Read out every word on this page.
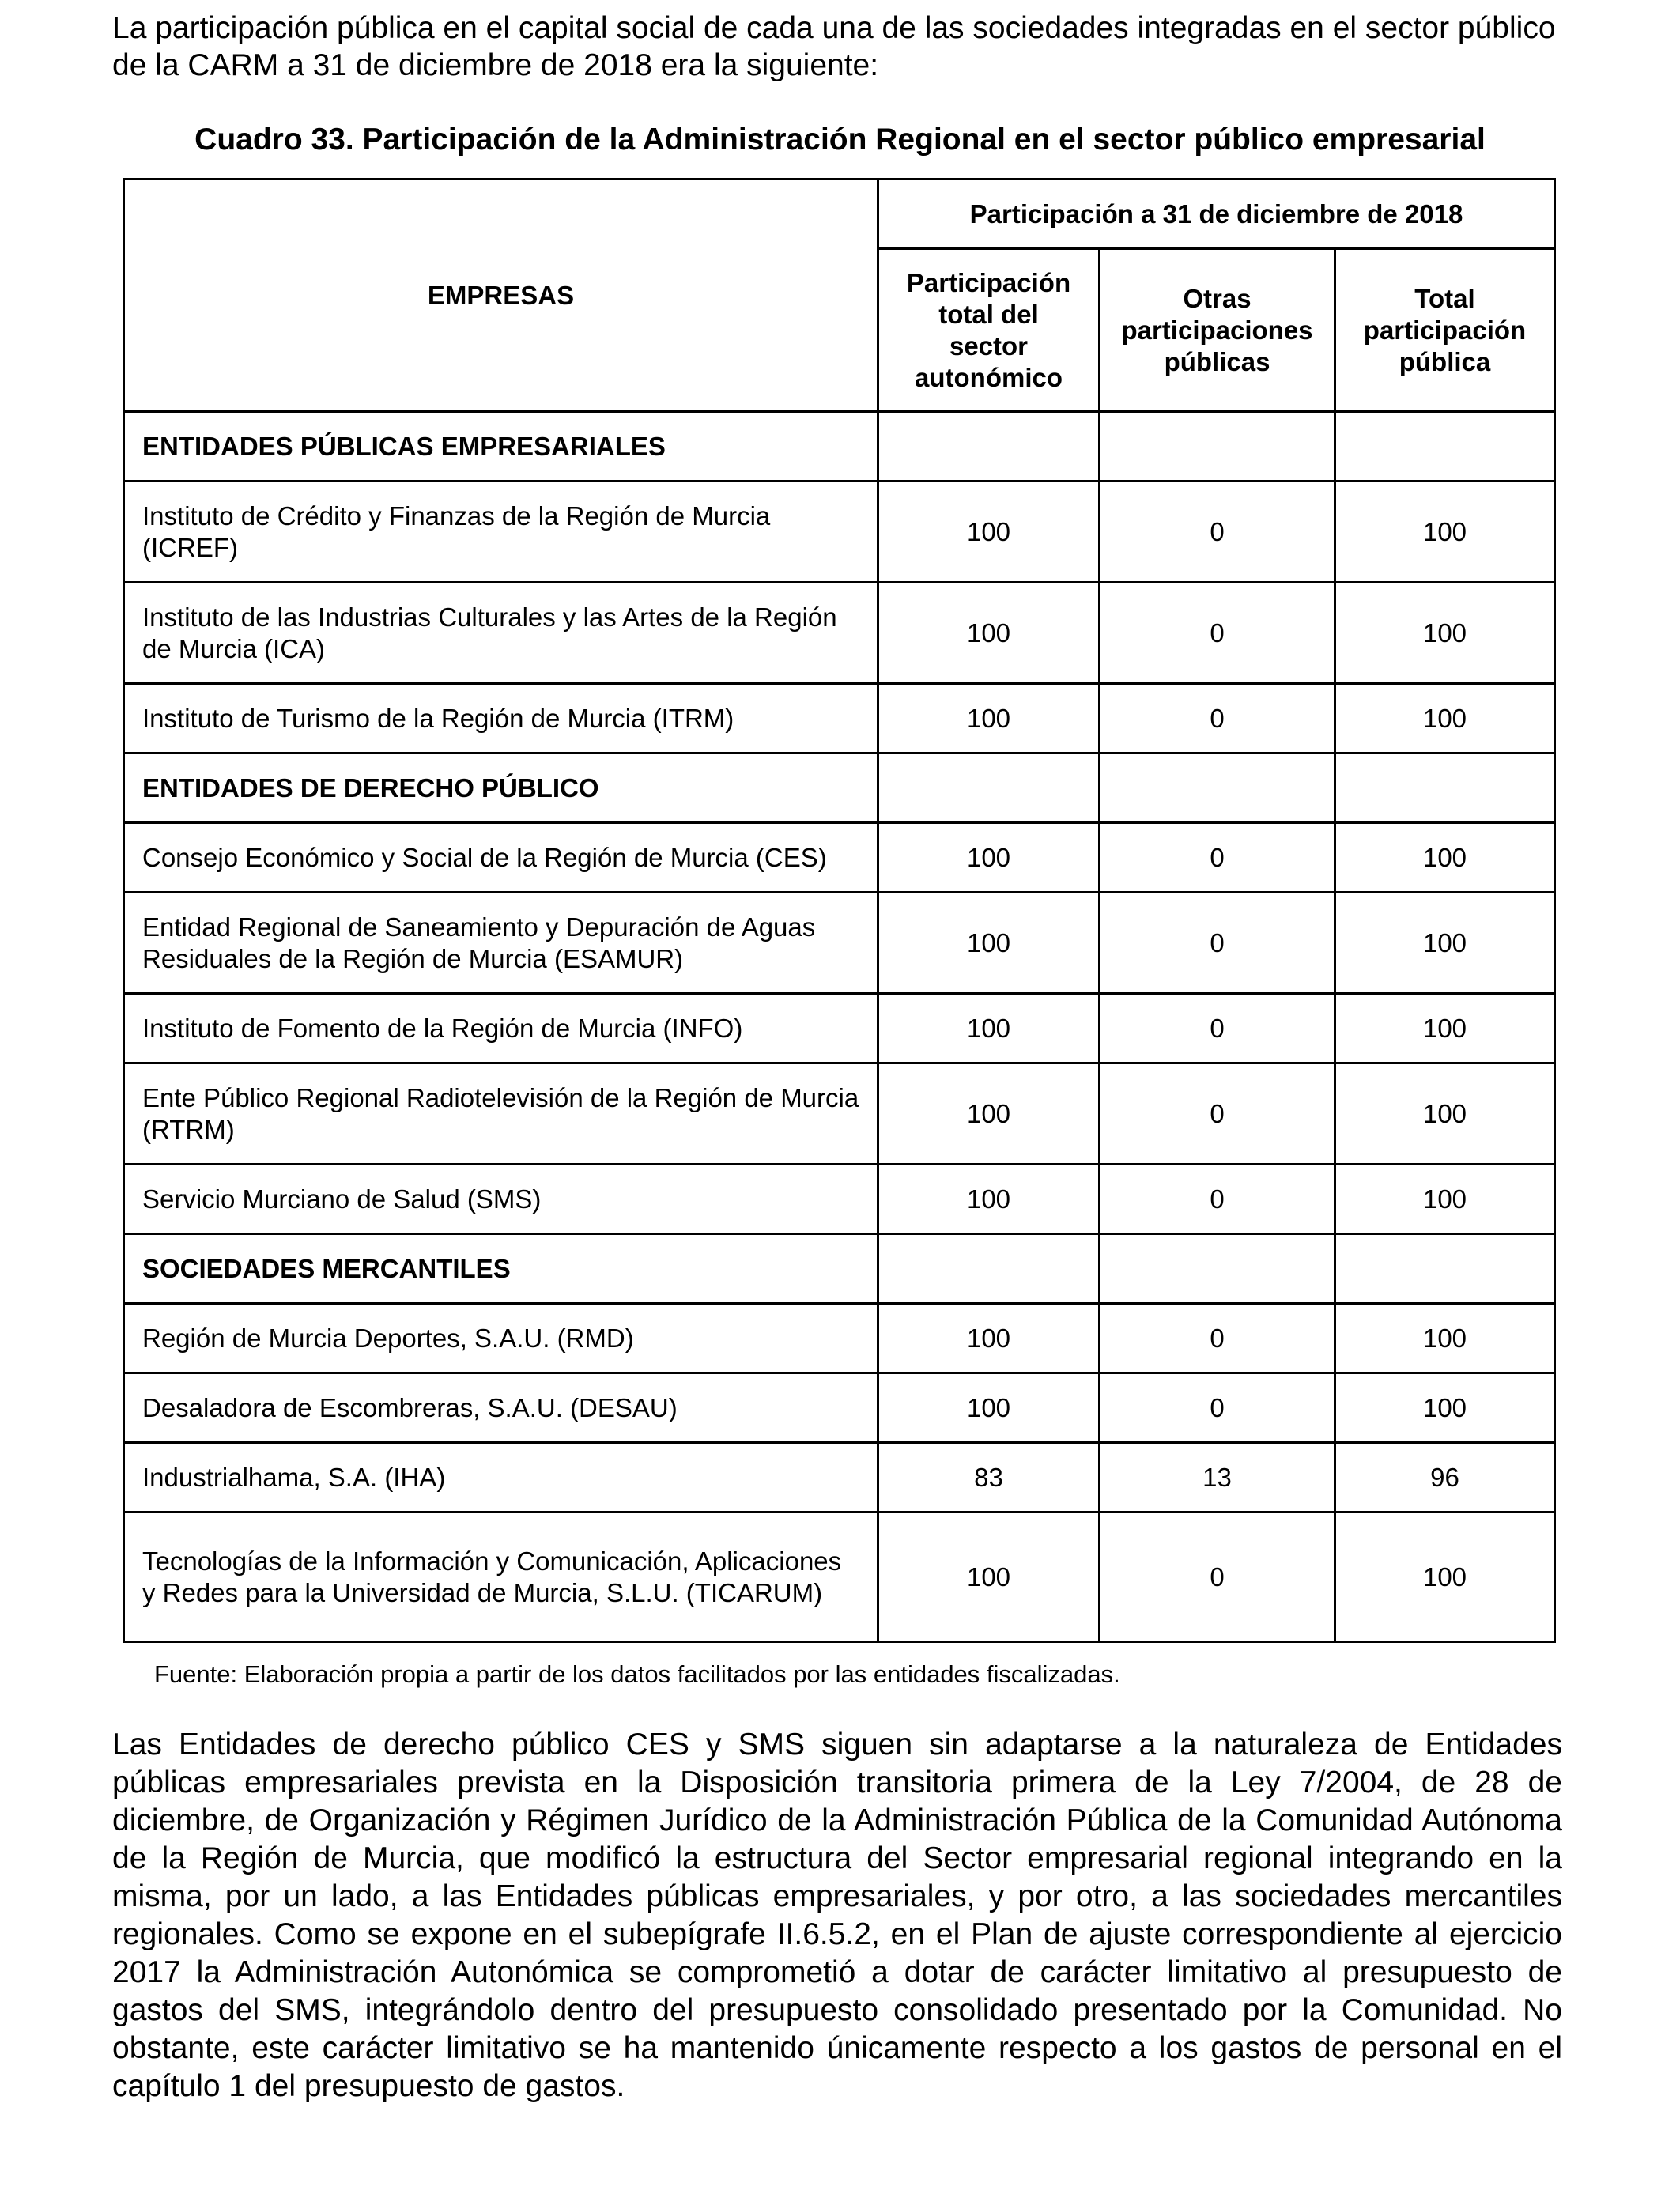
La participación pública en el capital social de cada una de las sociedades integradas en el sector público de la CARM a 31 de diciembre de 2018 era la siguiente:

Cuadro 33. Participación de la Administración Regional en el sector público empresarial

EMPRESAS	Participación a 31 de diciembre de 2018		
	Participación total del sector autonómico	Otras participaciones públicas	Total participación pública
ENTIDADES PÚBLICAS EMPRESARIALES			
Instituto de Crédito y Finanzas de la Región de Murcia (ICREF)	100	0	100
Instituto de las Industrias Culturales y las Artes de la Región de Murcia (ICA)	100	0	100
Instituto de Turismo de la Región de Murcia (ITRM)	100	0	100
ENTIDADES DE DERECHO PÚBLICO			
Consejo Económico y Social de la Región de Murcia (CES)	100	0	100
Entidad Regional de Saneamiento y Depuración de Aguas Residuales de la Región de Murcia (ESAMUR)	100	0	100
Instituto de Fomento de la Región de Murcia (INFO)	100	0	100
Ente Público Regional Radiotelevisión de la Región de Murcia (RTRM)	100	0	100
Servicio Murciano de Salud (SMS)	100	0	100
SOCIEDADES MERCANTILES			
Región de Murcia Deportes, S.A.U. (RMD)	100	0	100
Desaladora de Escombreras, S.A.U. (DESAU)	100	0	100
Industrialhama, S.A. (IHA)	83	13	96
Tecnologías de la Información y Comunicación, Aplicaciones y Redes para la Universidad de Murcia, S.L.U. (TICARUM)	100	0	100

Fuente: Elaboración propia a partir de los datos facilitados por las entidades fiscalizadas.

Las Entidades de derecho público CES y SMS siguen sin adaptarse a la naturaleza de Entidades públicas empresariales prevista en la Disposición transitoria primera de la Ley 7/2004, de 28 de diciembre, de Organización y Régimen Jurídico de la Administración Pública de la Comunidad Autónoma de la Región de Murcia, que modificó la estructura del Sector empresarial regional integrando en la misma, por un lado, a las Entidades públicas empresariales, y por otro, a las sociedades mercantiles regionales. Como se expone en el subepígrafe II.6.5.2, en el Plan de ajuste correspondiente al ejercicio 2017 la Administración Autonómica se comprometió a dotar de carácter limitativo al presupuesto de gastos del SMS, integrándolo dentro del presupuesto consolidado presentado por la Comunidad. No obstante, este carácter limitativo se ha mantenido únicamente respecto a los gastos de personal en el capítulo 1 del presupuesto de gastos.
